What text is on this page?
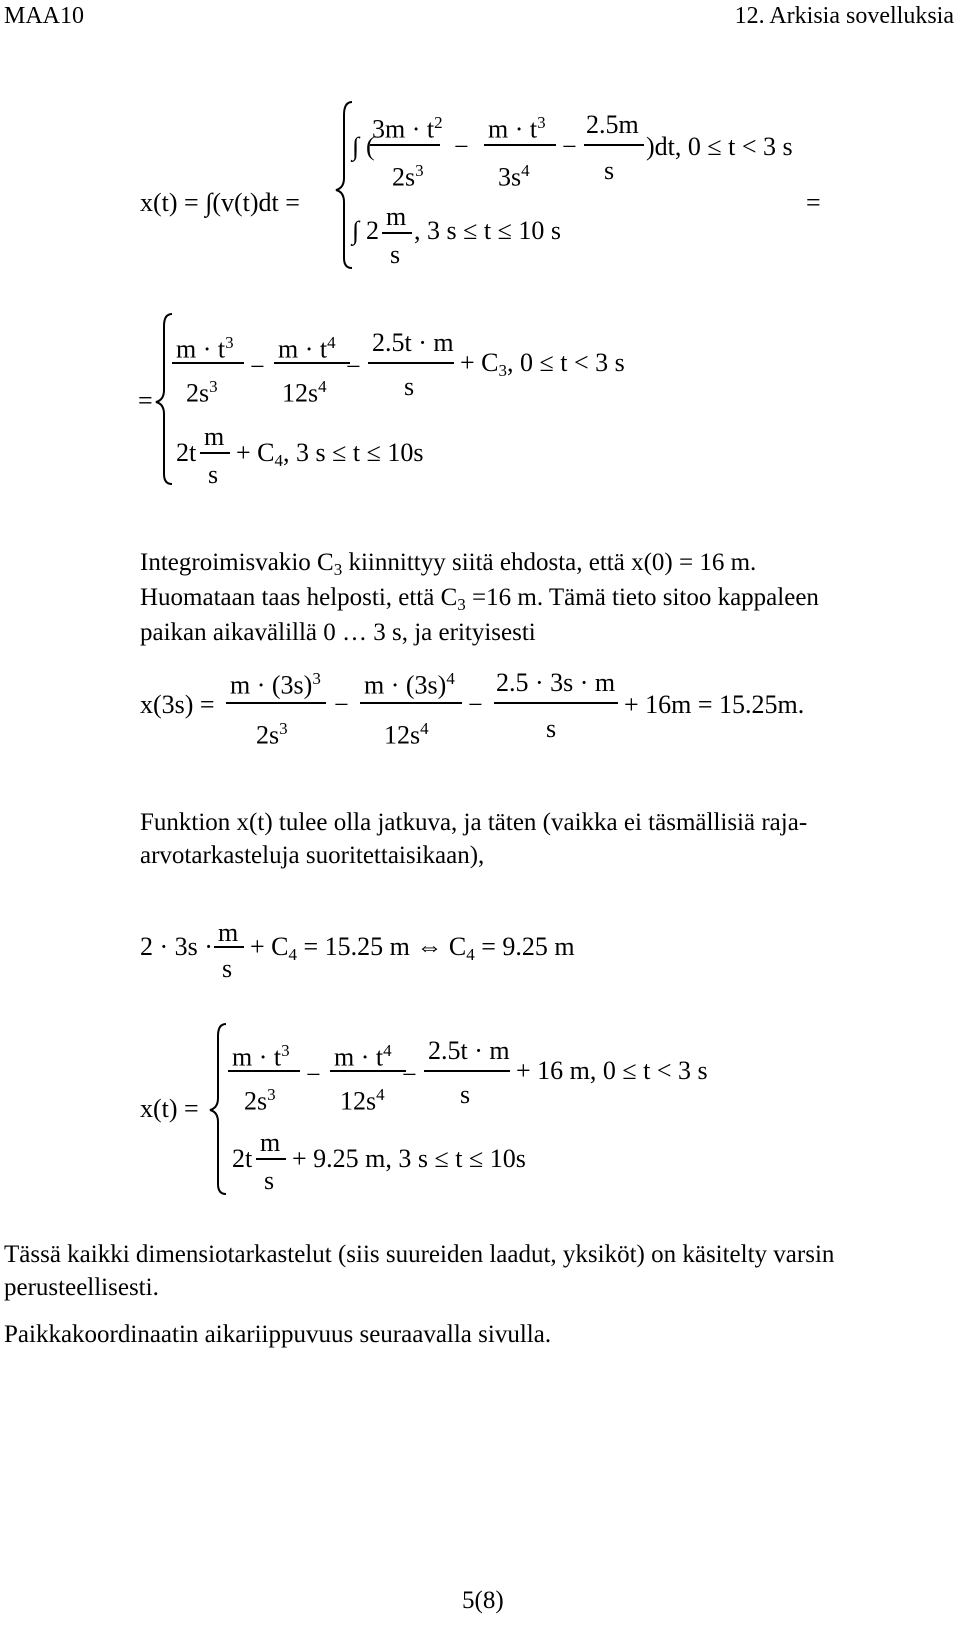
MAA10	12. Arkisia sovelluksia
x(t) = ∫(v(t)dt =
∫ (
$3m \cdot t^2$
$2s^3$
−
$m \cdot t^3$
$3s^4$
−
2.5m
s
)dt, 0 ≤ t < 3 s
∫ 2 m
s
, 3 s ≤ t ≤ 10 s
=
=
$m \cdot t^3$
$2s^3$
−
$m \cdot t^4$
$12s^4$
−
2.5t · m
s
+ C3, 0 ≤ t < 3 s
2t
m
s
+ C4, 3 s ≤ t ≤ 10s
Integroimisvakio $C_3$ kiinnittyy siitä ehdosta, että x(0) = 16 m. Huomataan taas helposti, että $C_3 =16$ m. Tämä tieto sitoo kappaleen paikan aikavälillä 0 … 3 s, ja erityisesti
x(3s) =
$m \cdot (3s)^3$
$2s^3$
−
$m \cdot (3s)^4$
$12s^4$
−
2.5 · 3s · m
s
+ 16m = 15.25m.
Funktion x(t) tulee olla jatkuva, ja täten (vaikka ei täsmällisiä raja-arvotarkasteluja suoritettaisikaan),
2 · 3s · m
s
+ C4 = 15.25 m ⇔ C4 = 9.25 m
x(t) =
$m \cdot t^3$
$2s^3$
−
$m \cdot t^4$
$12s^4$
−
2.5t · m
s
+ 16 m, 0 ≤ t < 3 s
2t
m
s
+ 9.25 m, 3 s ≤ t ≤ 10s
Tässä kaikki dimensiotarkastelut (siis suureiden laadut, yksiköt) on käsitelty varsin perusteellisesti.
Paikkakoordinaatin aikariippuvuus seuraavalla sivulla.
5(8)
